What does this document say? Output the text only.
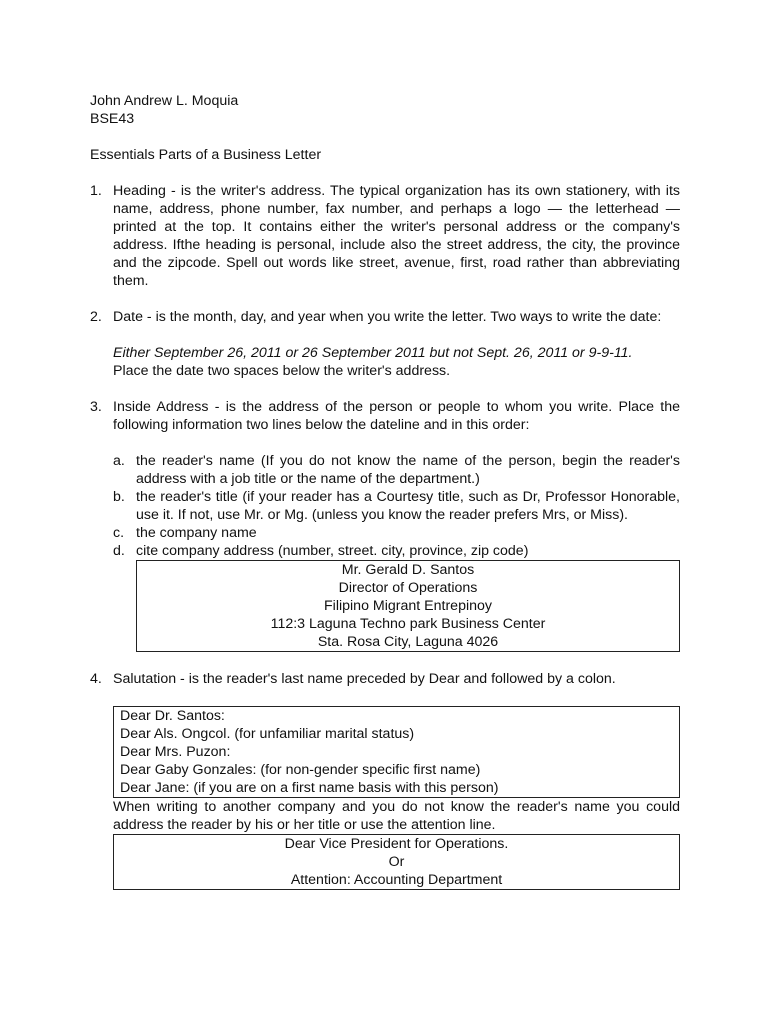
John Andrew L. Moquia
BSE43
Essentials Parts of a Business Letter
1. Heading - is the writer's address. The typical organization has its own stationery, with its name, address, phone number, fax number, and perhaps a logo — the letterhead — printed at the top. It contains either the writer's personal address or the company's address. Ifthe heading is personal, include also the street address, the city, the province and the zipcode. Spell out words like street, avenue, first, road rather than abbreviating them.
2. Date - is the month, day, and year when you write the letter. Two ways to write the date:
Either September 26, 2011 or 26 September 2011 but not Sept. 26, 2011 or 9-9-11.
Place the date two spaces below the writer's address.
3. Inside Address - is the address of the person or people to whom you write. Place the following information two lines below the dateline and in this order:
a. the reader's name (If you do not know the name of the person, begin the reader's address with a job title or the name of the department.)
b. the reader's title (if your reader has a Courtesy title, such as Dr, Professor Honorable, use it. If not, use Mr. or Mg. (unless you know the reader prefers Mrs, or Miss).
c. the company name
d. cite company address (number, street. city, province, zip code)
Mr. Gerald D. Santos
Director of Operations
Filipino Migrant Entrepinoy
112:3 Laguna Techno park Business Center
Sta. Rosa City, Laguna 4026
4. Salutation - is the reader's last name preceded by Dear and followed by a colon.
Dear Dr. Santos:
Dear Als. Ongcol. (for unfamiliar marital status)
Dear Mrs. Puzon:
Dear Gaby Gonzales: (for non-gender specific first name)
Dear Jane: (if you are on a first name basis with this person)
When writing to another company and you do not know the reader's name you could address the reader by his or her title or use the attention line.
Dear Vice President for Operations.
Or
Attention: Accounting Department
